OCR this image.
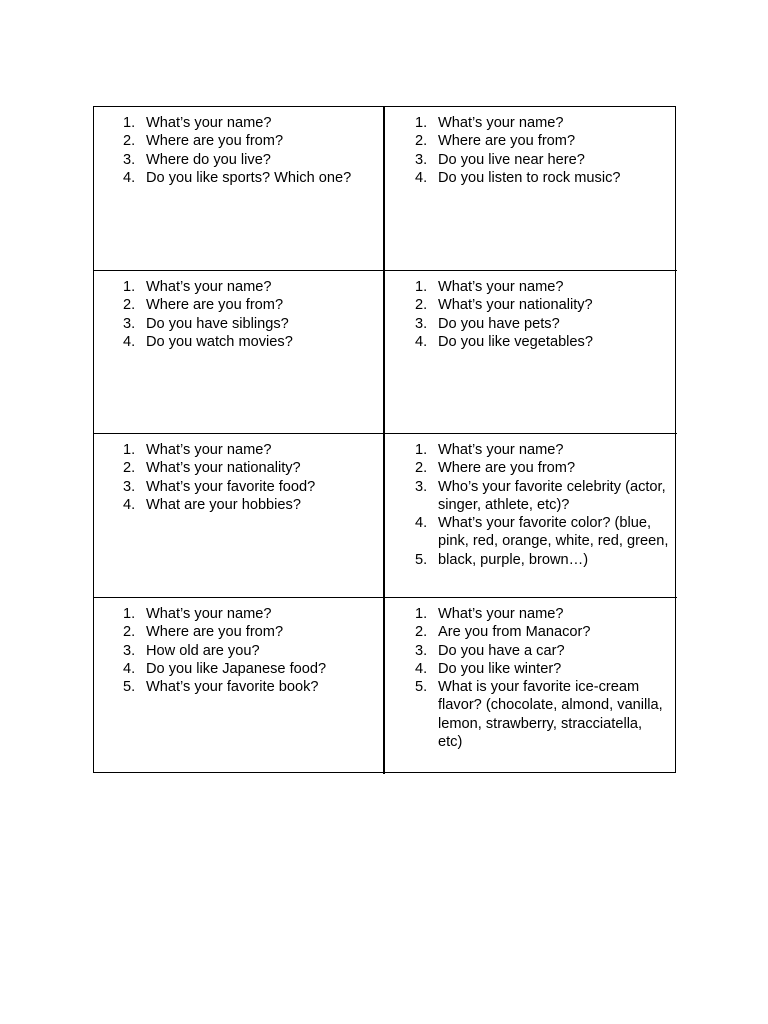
1. What’s your name?
2. Where are you from?
3. Where do you live?
4. Do you like sports? Which one?
1. What’s your name?
2. Where are you from?
3. Do you live near here?
4. Do you listen to rock music?
1. What’s your name?
2. Where are you from?
3. Do you have siblings?
4. Do you watch movies?
1. What’s your name?
2. What’s your nationality?
3. Do you have pets?
4. Do you like vegetables?
1. What’s your name?
2. What’s your nationality?
3. What’s your favorite food?
4. What are your hobbies?
1. What’s your name?
2. Where are you from?
3. Who’s your favorite celebrity (actor, singer, athlete, etc)?
4. What’s your favorite color? (blue, pink, red, orange, white, red, green,
5. black, purple, brown…)
1. What’s your name?
2. Where are you from?
3. How old are you?
4. Do you like Japanese food?
5. What’s your favorite book?
1. What’s your name?
2. Are you from Manacor?
3. Do you have a car?
4. Do you like winter?
5. What is your favorite ice-cream flavor? (chocolate, almond, vanilla, lemon, strawberry, stracciatella, etc)
